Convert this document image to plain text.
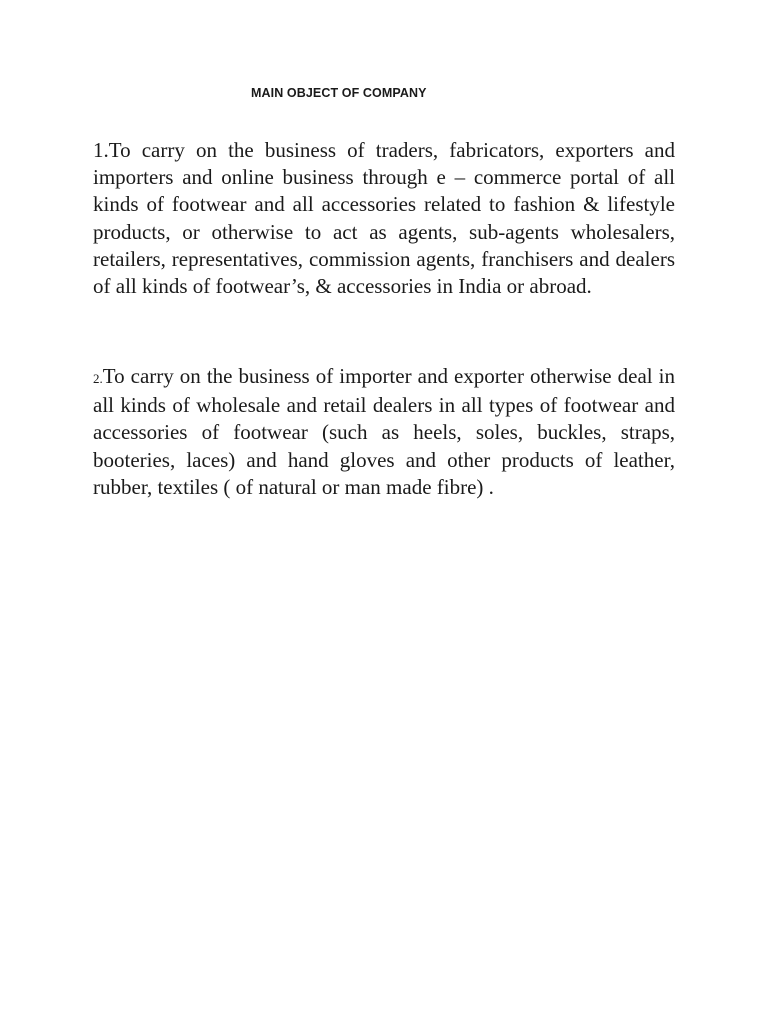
MAIN OBJECT OF COMPANY

1.To carry on the business of traders, fabricators, exporters and importers and online business through e – commerce portal of all kinds of footwear and all accessories related to fashion & lifestyle products, or otherwise to act as agents, sub-agents wholesalers, retailers, representatives, commission agents, franchisers and dealers of all kinds of footwear’s, & accessories in India or abroad.

2.To carry on the business of importer and exporter otherwise deal in all kinds of wholesale and retail dealers in all types of footwear and accessories of footwear (such as heels, soles, buckles, straps, booteries, laces) and hand gloves and other products of leather, rubber, textiles ( of natural or man made fibre) .
